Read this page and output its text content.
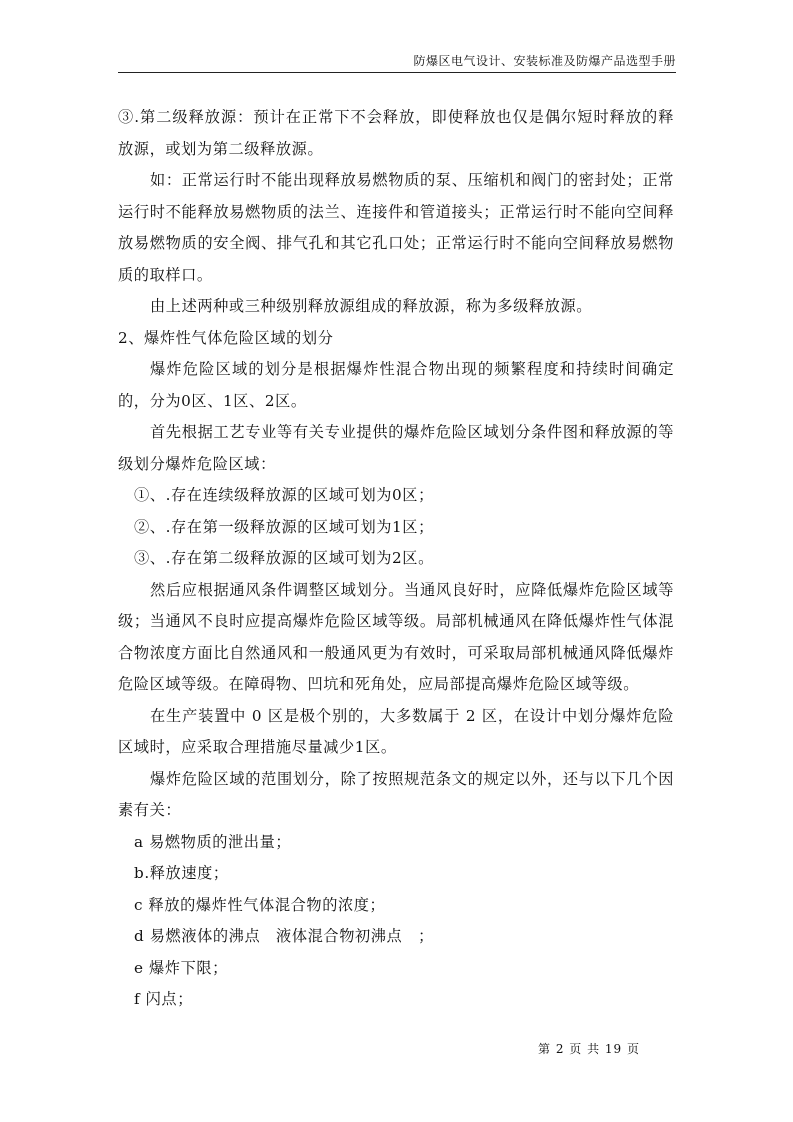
防爆区电气设计、安装标准及防爆产品选型手册

③.第二级释放源：预计在正常下不会释放，即使释放也仅是偶尔短时释放的释放源，或划为第二级释放源。

如：正常运行时不能出现释放易燃物质的泵、压缩机和阀门的密封处；正常运行时不能释放易燃物质的法兰、连接件和管道接头；正常运行时不能向空间释放易燃物质的安全阀、排气孔和其它孔口处；正常运行时不能向空间释放易燃物质的取样口。

由上述两种或三种级别释放源组成的释放源，称为多级释放源。

2、爆炸性气体危险区域的划分

爆炸危险区域的划分是根据爆炸性混合物出现的频繁程度和持续时间确定的，分为0区、1区、2区。

首先根据工艺专业等有关专业提供的爆炸危险区域划分条件图和释放源的等级划分爆炸危险区域：

①、.存在连续级释放源的区域可划为0区；

②、.存在第一级释放源的区域可划为1区；

③、.存在第二级释放源的区域可划为2区。

然后应根据通风条件调整区域划分。当通风良好时，应降低爆炸危险区域等级；当通风不良时应提高爆炸危险区域等级。局部机械通风在降低爆炸性气体混合物浓度方面比自然通风和一般通风更为有效时，可采取局部机械通风降低爆炸危险区域等级。在障碍物、凹坑和死角处，应局部提高爆炸危险区域等级。

在生产装置中 0 区是极个别的，大多数属于 2 区，在设计中划分爆炸危险区域时，应采取合理措施尽量减少1区。

爆炸危险区域的范围划分，除了按照规范条文的规定以外，还与以下几个因素有关：

a 易燃物质的泄出量；

b.释放速度；

c 释放的爆炸性气体混合物的浓度；

d 易燃液体的沸点　液体混合物初沸点　；

e 爆炸下限；

f 闪点；

第 2 页 共 19 页
